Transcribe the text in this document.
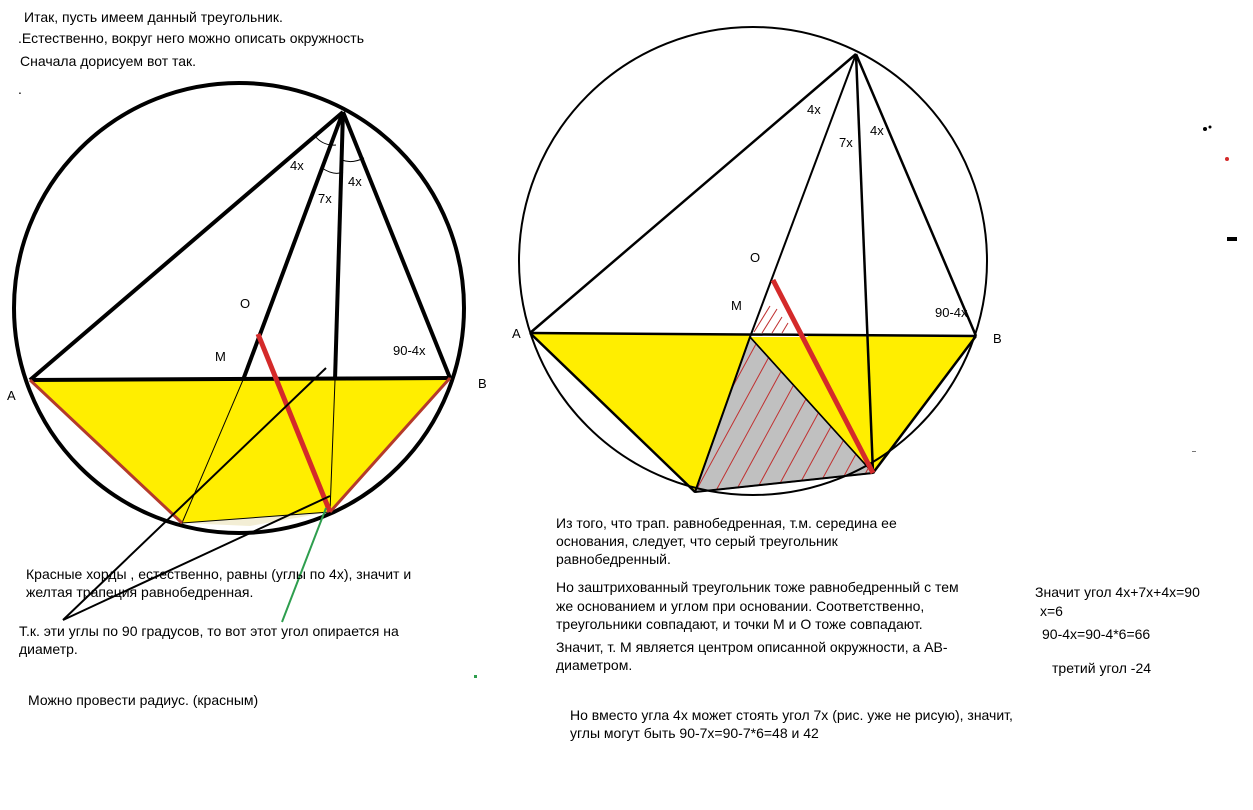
Итак, пусть имеем данный треугольник.
.Естественно, вокруг него можно описать окружность
Сначала дорисуем вот так.
.
A
B
O
M
4x
4x
7x
90-4x
A	B
O
M
4x
4x
7x
90-4x
Красные хорды , естественно, равны (углы по 4x), значит и
желтая трапеция равнобедренная.
Т.к. эти углы по 90 градусов, то вот этот угол опирается на
диаметр.
Можно провести радиус. (красным)
Из того, что трап. равнобедренная, т.м. середина ее
основания, следует, что серый треугольник
равнобедренный.
Но заштрихованный треугольник тоже равнобедренный с тем
же основанием и углом при основании. Соответственно,
треугольники совпадают, и точки M и O тоже совпадают.
Значит, т. M является центром описанной окружности, а AB-
диаметром.
Значит угол 4x+7x+4x=90
x=6
90-4x=90-4*6=66
третий угол -24
Но вместо угла 4x может стоять угол 7x (рис. уже не рисую), значит,
углы могут быть 90-7x=90-7*6=48 и 42
